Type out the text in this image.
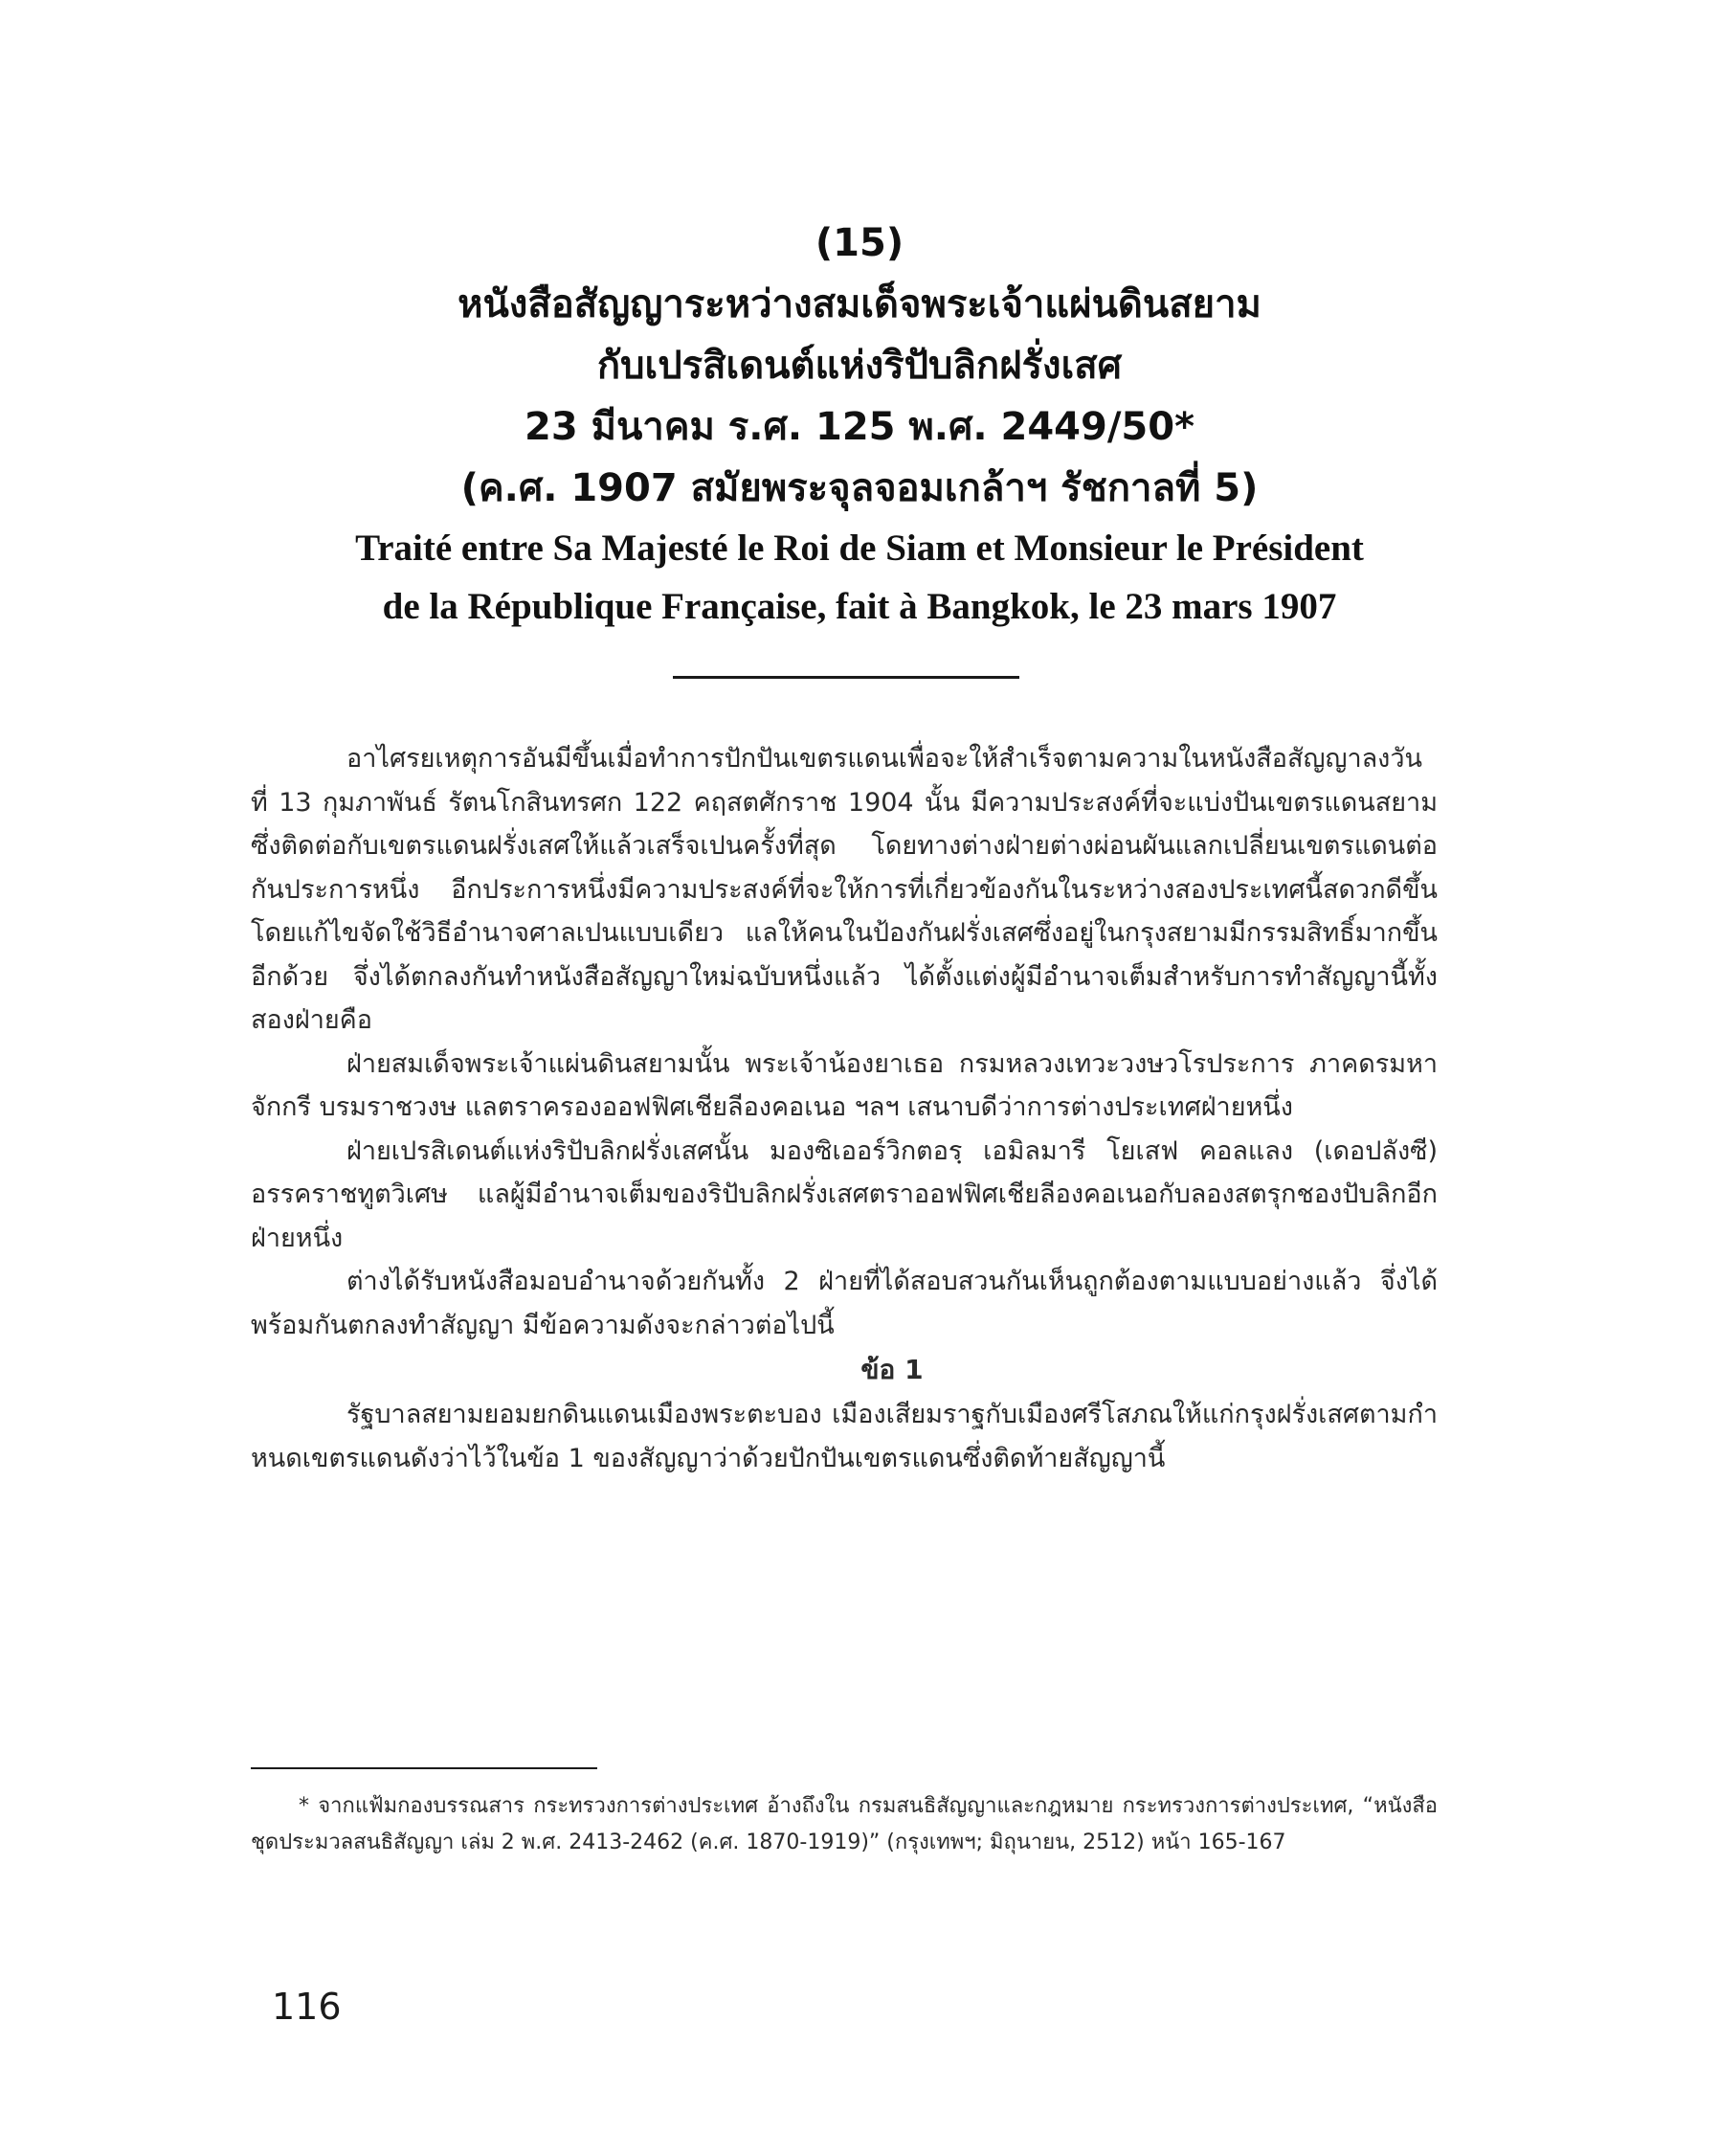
(15)
หนังสือสัญญาระหว่างสมเด็จพระเจ้าแผ่นดินสยาม
กับเปรสิเดนต์แห่งริปับลิกฝรั่งเสศ
23 มีนาคม ร.ศ. 125 พ.ศ. 2449/50*
(ค.ศ. 1907 สมัยพระจุลจอมเกล้าฯ รัชกาลที่ 5)
Traité entre Sa Majesté le Roi de Siam et Monsieur le Président
de la République Française, fait à Bangkok, le 23 mars 1907

อาไศรยเหตุการอันมีขึ้นเมื่อทำการปักปันเขตรแดนเพื่อจะให้สำเร็จตามความในหนังสือสัญญาลงวันที่ 13 กุมภาพันธ์ รัตนโกสินทรศก 122 คฤสตศักราช 1904 นั้น มีความประสงค์ที่จะแบ่งปันเขตรแดนสยามซึ่งติดต่อกับเขตรแดนฝรั่งเสศให้แล้วเสร็จเปนครั้งที่สุด โดยทางต่างฝ่ายต่างผ่อนผันแลกเปลี่ยนเขตรแดนต่อกันประการหนึ่ง อีกประการหนึ่งมีความประสงค์ที่จะให้การที่เกี่ยวข้องกันในระหว่างสองประเทศนี้สดวกดีขึ้น โดยแก้ไขจัดใช้วิธีอำนาจศาลเปนแบบเดียว แลให้คนในป้องกันฝรั่งเสศซึ่งอยู่ในกรุงสยามมีกรรมสิทธิ์มากขึ้นอีกด้วย จึ่งได้ตกลงกันทำหนังสือสัญญาใหม่ฉบับหนึ่งแล้ว ได้ตั้งแต่งผู้มีอำนาจเต็มสำหรับการทำสัญญานี้ทั้งสองฝ่ายคือ

ฝ่ายสมเด็จพระเจ้าแผ่นดินสยามนั้น พระเจ้าน้องยาเธอ กรมหลวงเทวะวงษวโรประการ ภาคดรมหาจักกรี บรมราชวงษ แลตราครองออฟฟิศเชียลีองคอเนอ ฯลฯ เสนาบดีว่าการต่างประเทศฝ่ายหนึ่ง

ฝ่ายเปรสิเดนต์แห่งริปับลิกฝรั่งเสศนั้น มองซิเออร์วิกตอรฺ เอมิลมารี โยเสฟ คอลแลง (เดอปลังซี) อรรคราชทูตวิเศษ แลผู้มีอำนาจเต็มของริปับลิกฝรั่งเสศตราออฟฟิศเชียลีองคอเนอกับลองสตรุกชองปับลิกอีกฝ่ายหนึ่ง

ต่างได้รับหนังสือมอบอำนาจด้วยกันทั้ง 2 ฝ่ายที่ได้สอบสวนกันเห็นถูกต้องตามแบบอย่างแล้ว จึ่งได้พร้อมกันตกลงทำสัญญา มีข้อความดังจะกล่าวต่อไปนี้

ข้อ 1

รัฐบาลสยามยอมยกดินแดนเมืองพระตะบอง เมืองเสียมราฐกับเมืองศรีโสภณให้แก่กรุงฝรั่งเสศตามกำหนดเขตรแดนดังว่าไว้ในข้อ 1 ของสัญญาว่าด้วยปักปันเขตรแดนซึ่งติดท้ายสัญญานี้

* จากแฟ้มกองบรรณสาร กระทรวงการต่างประเทศ อ้างถึงใน กรมสนธิสัญญาและกฎหมาย กระทรวงการต่างประเทศ, “หนังสือชุดประมวลสนธิสัญญา เล่ม 2 พ.ศ. 2413-2462 (ค.ศ. 1870-1919)” (กรุงเทพฯ; มิถุนายน, 2512) หน้า 165-167
116
